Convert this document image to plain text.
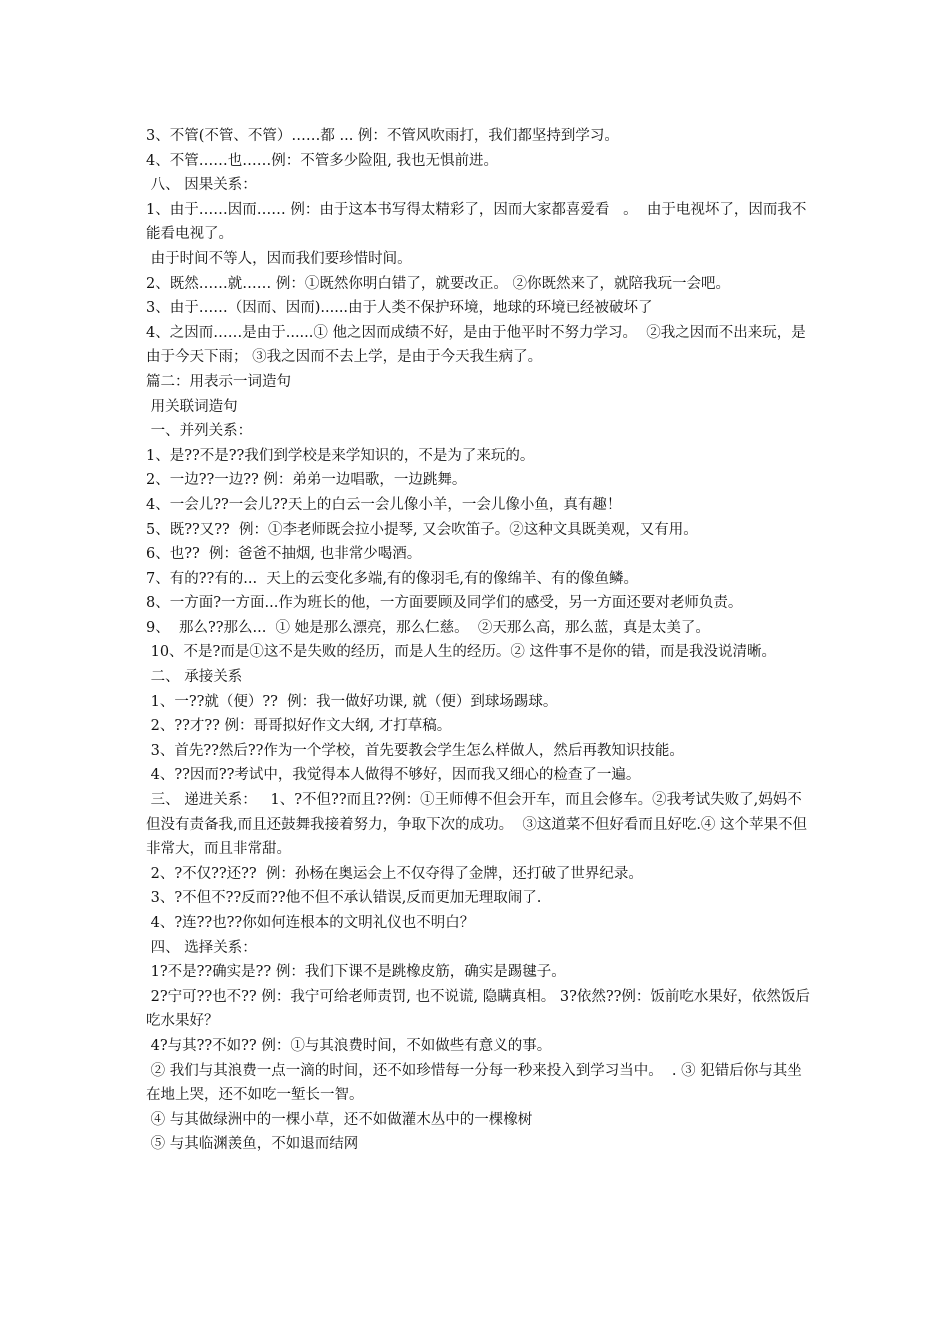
3、不管(不管、不管）……都 ... 例：不管风吹雨打，我们都坚持到学习。

4、不管……也……例：不管多少险阻, 我也无惧前进。

八、 因果关系：

1、由于……因而…… 例：由于这本书写得太精彩了，因而大家都喜爱看   。  由于电视坏了，因而我不能看电视了。

由于时间不等人，因而我们要珍惜时间。

2、既然……就…… 例：①既然你明白错了，就要改正。 ②你既然来了，就陪我玩一会吧。

3、由于……（因而、因而)......由于人类不保护环境，地球的环境已经被破坏了

4、之因而……是由于......① 他之因而成绩不好，是由于他平时不努力学习。  ②我之因而不出来玩，是由于今天下雨； ③我之因而不去上学，是由于今天我生病了。

篇二：用表示一词造句

用关联词造句

一、并列关系：

1、是??不是??我们到学校是来学知识的，不是为了来玩的。

2、一边??一边?? 例：弟弟一边唱歌，一边跳舞。

4、一会儿??一会儿??天上的白云一会儿像小羊，一会儿像小鱼，真有趣！

5、既??又??  例：①李老师既会拉小提琴, 又会吹笛子。②这种文具既美观，又有用。

6、也??  例：爸爸不抽烟, 也非常少喝酒。

7、有的??有的...  天上的云变化多端,有的像羽毛,有的像绵羊、有的像鱼鳞。

8、一方面?一方面...作为班长的他，一方面要顾及同学们的感受，另一方面还要对老师负责。

9、  那么??那么...  ① 她是那么漂亮，那么仁慈。  ②天那么高，那么蓝，真是太美了。

10、不是?而是①这不是失败的经历，而是人生的经历。② 这件事不是你的错，而是我没说清晰。

二、 承接关系

1、一??就（便）??  例：我一做好功课, 就（便）到球场踢球。

2、??才?? 例：哥哥拟好作文大纲, 才打草稿。

3、首先??然后??作为一个学校，首先要教会学生怎么样做人，然后再教知识技能。

4、??因而??考试中，我觉得本人做得不够好，因而我又细心的检查了一遍。

三、 递进关系：   1、?不但??而且??例：①王师傅不但会开车，而且会修车。②我考试失败了,妈妈不但没有责备我,而且还鼓舞我接着努力，争取下次的成功。  ③这道菜不但好看而且好吃.④ 这个苹果不但非常大，而且非常甜。

2、?不仅??还??  例：孙杨在奥运会上不仅夺得了金牌，还打破了世界纪录。

3、?不但不??反而??他不但不承认错误,反而更加无理取闹了.

4、?连??也??你如何连根本的文明礼仪也不明白？

四、 选择关系：

1?不是??确实是?? 例：我们下课不是跳橡皮筋，确实是踢毽子。

2?宁可??也不?? 例：我宁可给老师责罚, 也不说谎, 隐瞒真相。 3?依然??例：饭前吃水果好，依然饭后吃水果好？

4?与其??不如?? 例：①与其浪费时间，不如做些有意义的事。

② 我们与其浪费一点一滴的时间，还不如珍惜每一分每一秒来投入到学习当中。  . ③ 犯错后你与其坐在地上哭，还不如吃一堑长一智。

④ 与其做绿洲中的一棵小草，还不如做灌木丛中的一棵橡树

⑤ 与其临渊羡鱼，不如退而结网
